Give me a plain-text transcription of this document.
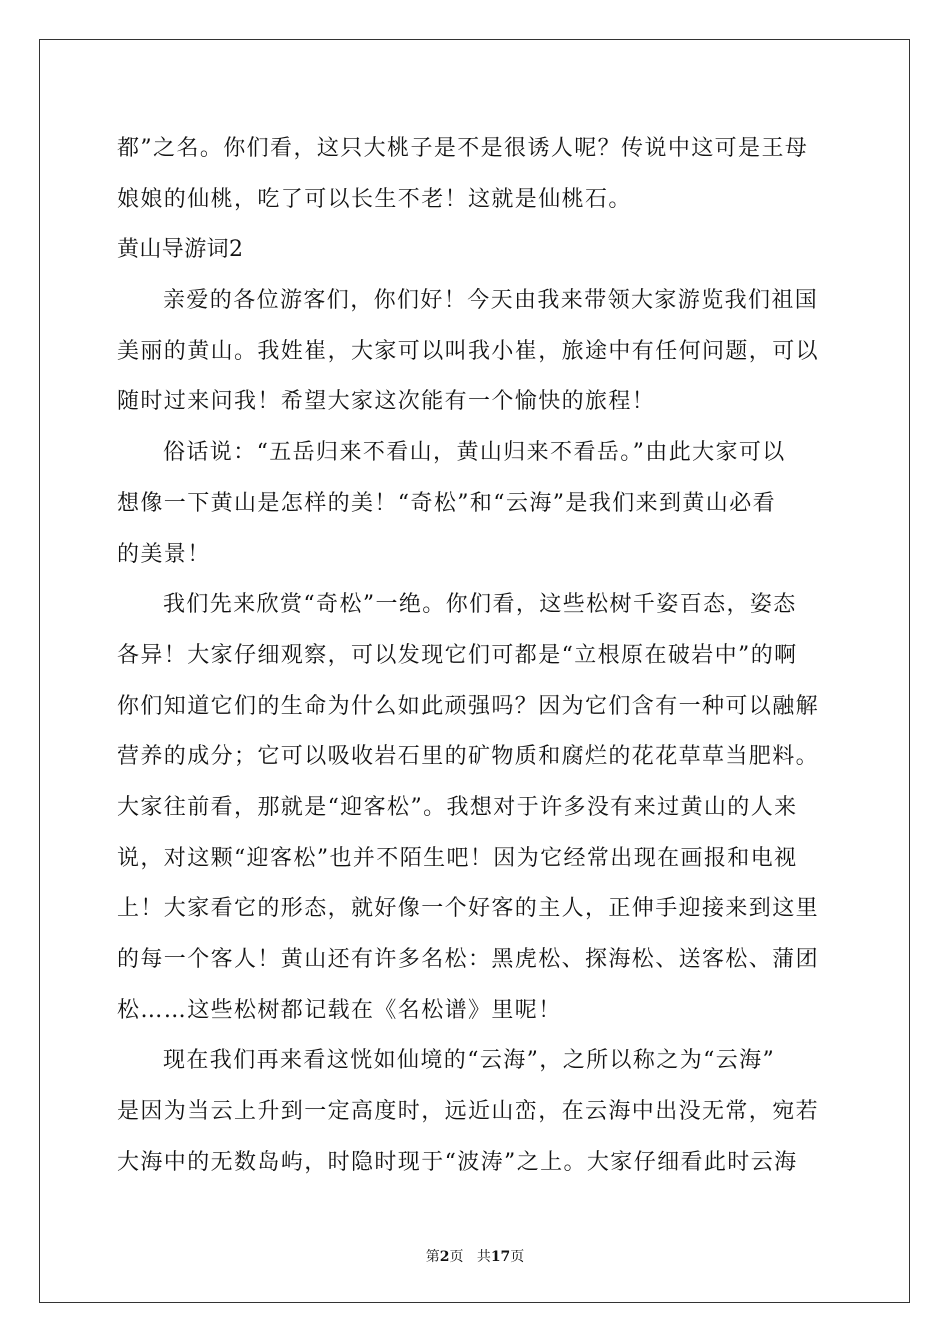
都”之名。你们看，这只大桃子是不是很诱人呢？传说中这可是王母
娘娘的仙桃，吃了可以长生不老！这就是仙桃石。
黄山导游词2
亲爱的各位游客们，你们好！今天由我来带领大家游览我们祖国
美丽的黄山。我姓崔，大家可以叫我小崔，旅途中有任何问题，可以
随时过来问我！希望大家这次能有一个愉快的旅程！
俗话说：“五岳归来不看山，黄山归来不看岳。”由此大家可以
想像一下黄山是怎样的美！“奇松”和“云海”是我们来到黄山必看
的美景！
我们先来欣赏“奇松”一绝。你们看，这些松树千姿百态，姿态
各异！大家仔细观察，可以发现它们可都是“立根原在破岩中”的啊
你们知道它们的生命为什么如此顽强吗？因为它们含有一种可以融解
营养的成分；它可以吸收岩石里的矿物质和腐烂的花花草草当肥料。
大家往前看，那就是“迎客松”。我想对于许多没有来过黄山的人来
说，对这颗“迎客松”也并不陌生吧！因为它经常出现在画报和电视
上！大家看它的形态，就好像一个好客的主人，正伸手迎接来到这里
的每一个客人！黄山还有许多名松：黑虎松、探海松、送客松、蒲团
松……这些松树都记载在《名松谱》里呢！
现在我们再来看这恍如仙境的“云海”，之所以称之为“云海”
是因为当云上升到一定高度时，远近山峦，在云海中出没无常，宛若
大海中的无数岛屿，时隐时现于“波涛”之上。大家仔细看此时云海
第2页 共17页
